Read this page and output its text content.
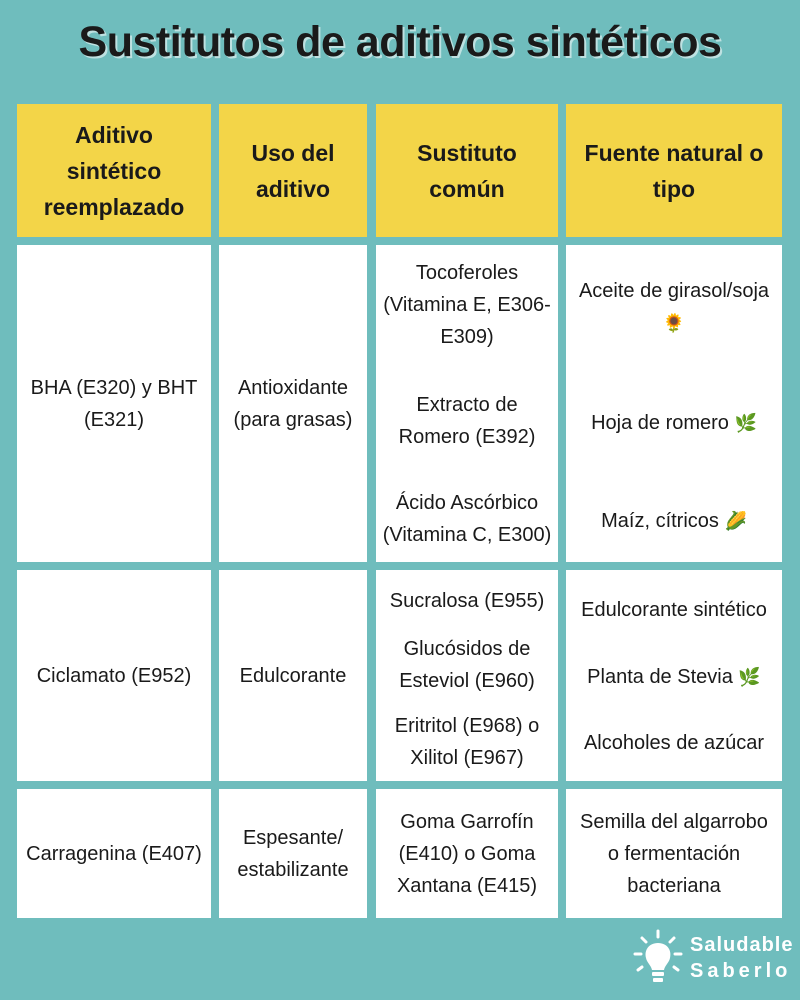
Sustitutos de aditivos sintéticos
Aditivo sintético reemplazado
Uso del aditivo
Sustituto común
Fuente natural o tipo
BHA (E320) y BHT (E321)
Antioxidante (para grasas)
Tocoferoles (Vitamina E, E306-E309)
Extracto de Romero (E392)
Ácido Ascórbico (Vitamina C, E300)
Aceite de girasol/soja 🌻
Hoja de romero 🌿
Maíz, cítricos 🌽
Ciclamato (E952)	Edulcorante
Sucralosa (E955)
Glucósidos de Esteviol (E960)
Eritritol (E968) o Xilitol (E967)
Edulcorante sintético
Planta de Stevia 🌿
Alcoholes de azúcar
Carragenina (E407)
Espesante/ estabilizante
Goma Garrofín (E410) o Goma Xantana (E415)
Semilla del algarrobo o fermentación bacteriana
Saludable
Saberlo
